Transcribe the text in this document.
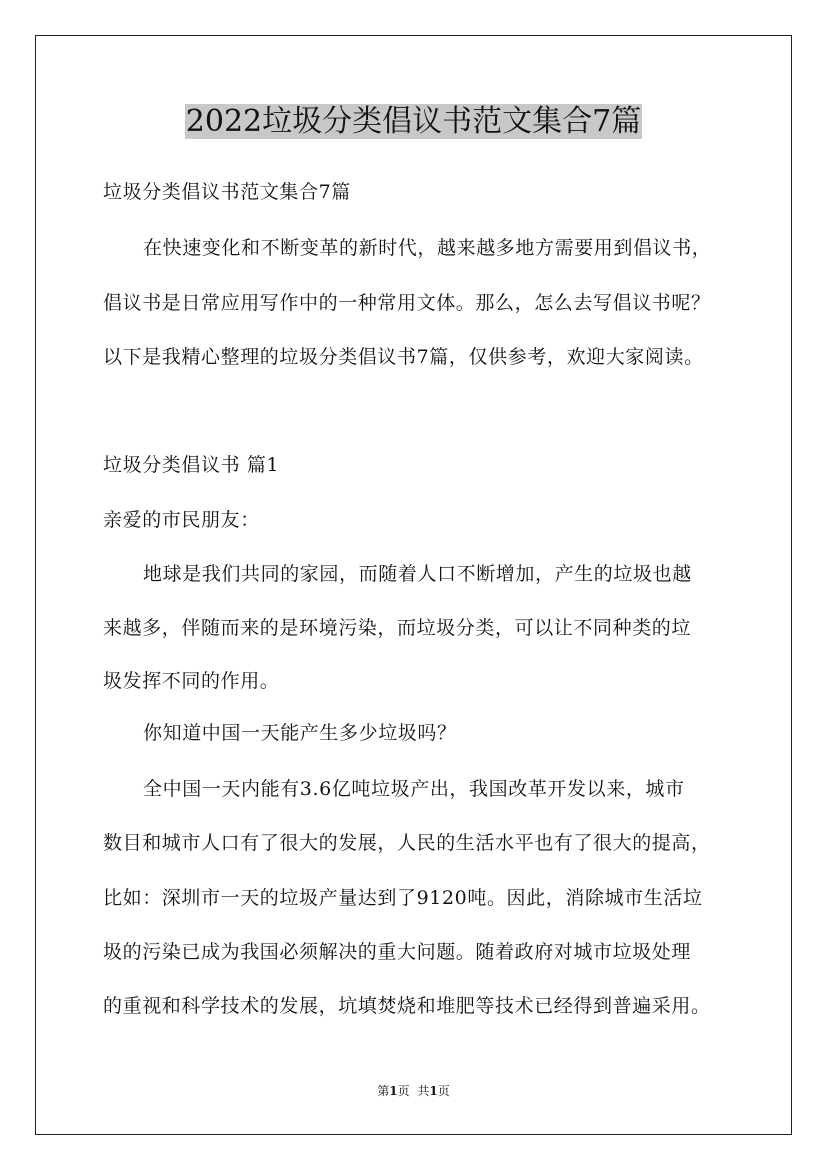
2022垃圾分类倡议书范文集合7篇

垃圾分类倡议书范文集合7篇

在快速变化和不断变革的新时代，越来越多地方需要用到倡议书，

倡议书是日常应用写作中的一种常用文体。那么，怎么去写倡议书呢？

以下是我精心整理的垃圾分类倡议书7篇，仅供参考，欢迎大家阅读。

垃圾分类倡议书 篇1

亲爱的市民朋友：

地球是我们共同的家园，而随着人口不断增加，产生的垃圾也越

来越多，伴随而来的是环境污染，而垃圾分类，可以让不同种类的垃

圾发挥不同的作用。

你知道中国一天能产生多少垃圾吗？

全中国一天内能有3.6亿吨垃圾产出，我国改革开发以来，城市

数目和城市人口有了很大的发展，人民的生活水平也有了很大的提高，

比如：深圳市一天的垃圾产量达到了9120吨。因此，消除城市生活垃

圾的污染已成为我国必须解决的重大问题。随着政府对城市垃圾处理

的重视和科学技术的发展，坑填焚烧和堆肥等技术已经得到普遍采用。

第1页 共1页
